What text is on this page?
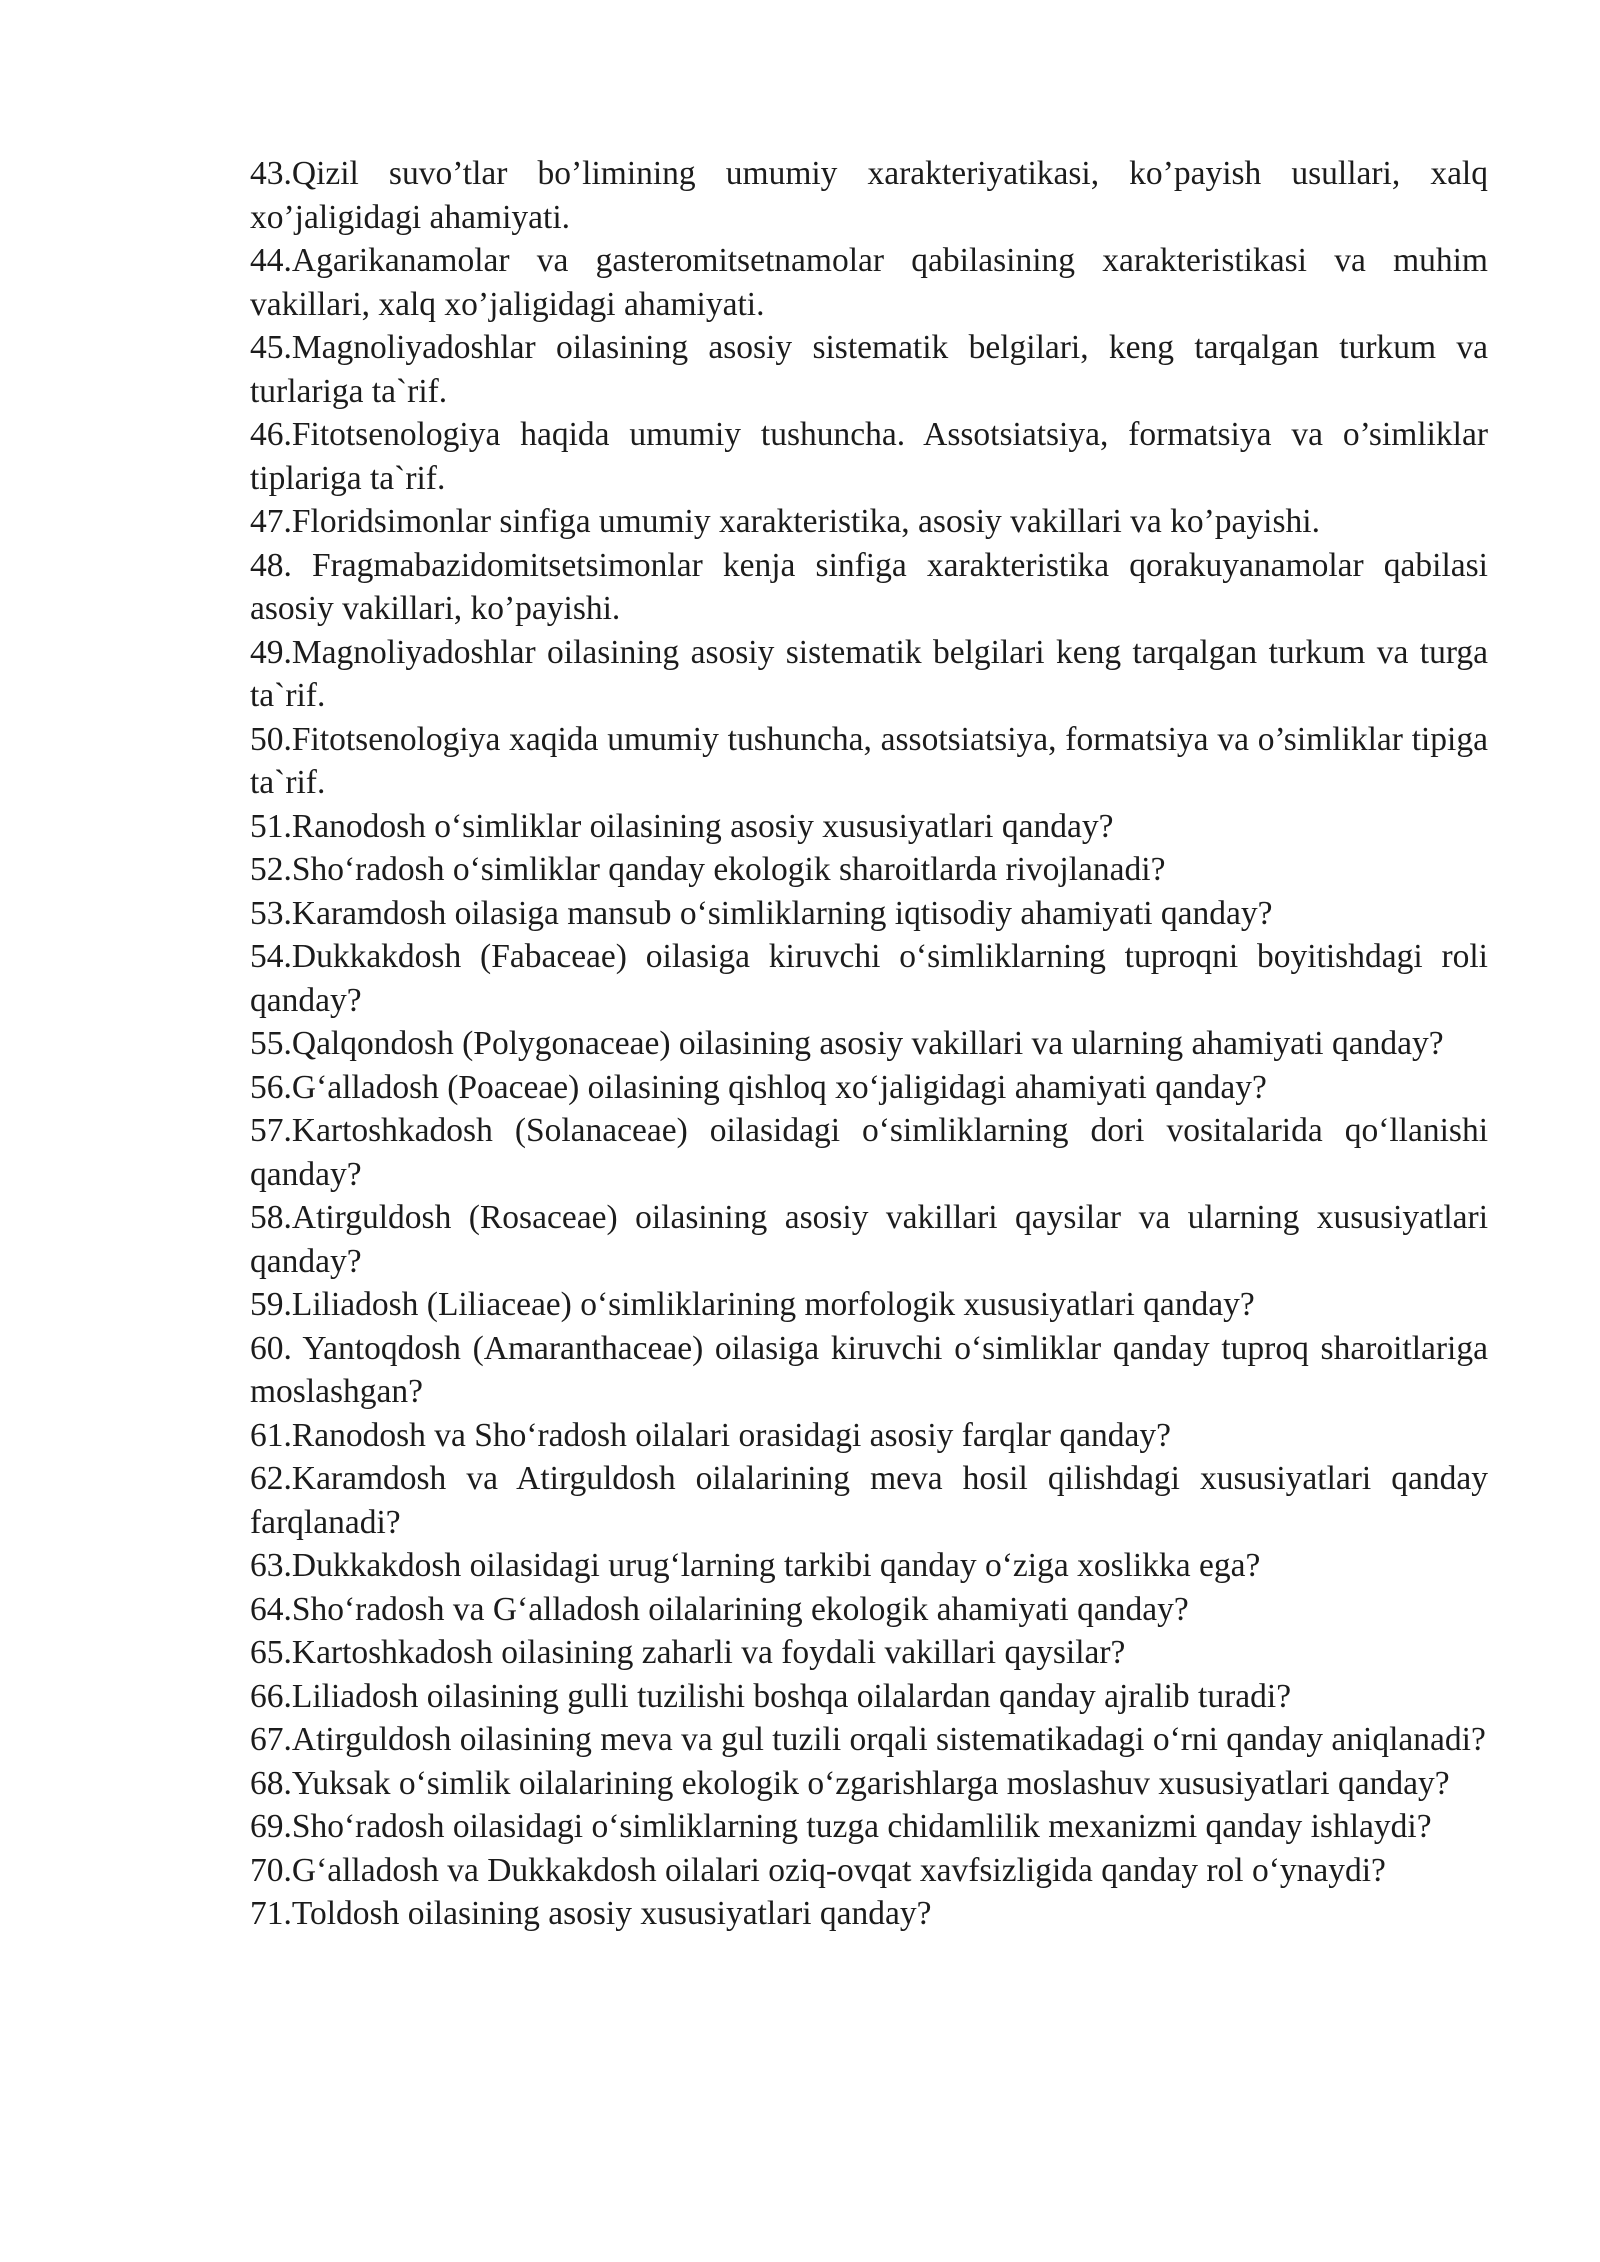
43.Qizil suvo’tlar bo’limining umumiy xarakteriyatikasi, ko’payish usullari, xalq xo’jaligidagi ahamiyati.

44.Agarikanamolar va gasteromitsetnamolar qabilasining xarakteristikasi va muhim vakillari, xalq xo’jaligidagi ahamiyati.

45.Magnoliyadoshlar oilasining asosiy sistematik belgilari, keng tarqalgan turkum va turlariga ta`rif.

46.Fitotsenologiya haqida umumiy tushuncha. Assotsiatsiya, formatsiya va o’simliklar tiplariga ta`rif.

47.Floridsimonlar sinfiga umumiy xarakteristika, asosiy vakillari va ko’payishi.

48. Fragmabazidomitsetsimonlar kenja sinfiga xarakteristika qorakuyanamolar qabilasi asosiy vakillari, ko’payishi.

49.Magnoliyadoshlar oilasining asosiy sistematik belgilari keng tarqalgan turkum va turga ta`rif.

50.Fitotsenologiya xaqida umumiy tushuncha, assotsiatsiya, formatsiya va o’simliklar tipiga ta`rif.

51.Ranodosh o‘simliklar oilasining asosiy xususiyatlari qanday?

52.Sho‘radosh o‘simliklar qanday ekologik sharoitlarda rivojlanadi?

53.Karamdosh oilasiga mansub o‘simliklarning iqtisodiy ahamiyati qanday?

54.Dukkakdosh (Fabaceae) oilasiga kiruvchi o‘simliklarning tuproqni boyitishdagi roli qanday?

55.Qalqondosh (Polygonaceae) oilasining asosiy vakillari va ularning ahamiyati qanday?

56.G‘alladosh (Poaceae) oilasining qishloq xo‘jaligidagi ahamiyati qanday?

57.Kartoshkadosh (Solanaceae) oilasidagi o‘simliklarning dori vositalarida qo‘llanishi qanday?

58.Atirguldosh (Rosaceae) oilasining asosiy vakillari qaysilar va ularning xususiyatlari qanday?

59.Liliadosh (Liliaceae) o‘simliklarining morfologik xususiyatlari qanday?

60. Yantoqdosh (Amaranthaceae) oilasiga kiruvchi o‘simliklar qanday tuproq sharoitlariga moslashgan?

61.Ranodosh va Sho‘radosh oilalari orasidagi asosiy farqlar qanday?

62.Karamdosh va Atirguldosh oilalarining meva hosil qilishdagi xususiyatlari qanday farqlanadi?

63.Dukkakdosh oilasidagi urug‘larning tarkibi qanday o‘ziga xoslikka ega?

64.Sho‘radosh va G‘alladosh oilalarining ekologik ahamiyati qanday?

65.Kartoshkadosh oilasining zaharli va foydali vakillari qaysilar?

66.Liliadosh oilasining gulli tuzilishi boshqa oilalardan qanday ajralib turadi?

67.Atirguldosh oilasining meva va gul tuzili orqali sistematikadagi o‘rni qanday aniqlanadi?

68.Yuksak o‘simlik oilalarining ekologik o‘zgarishlarga moslashuv xususiyatlari qanday?

69.Sho‘radosh oilasidagi o‘simliklarning tuzga chidamlilik mexanizmi qanday ishlaydi?

70.G‘alladosh va Dukkakdosh oilalari oziq-ovqat xavfsizligida qanday rol o‘ynaydi?

71.Toldosh oilasining asosiy xususiyatlari qanday?
